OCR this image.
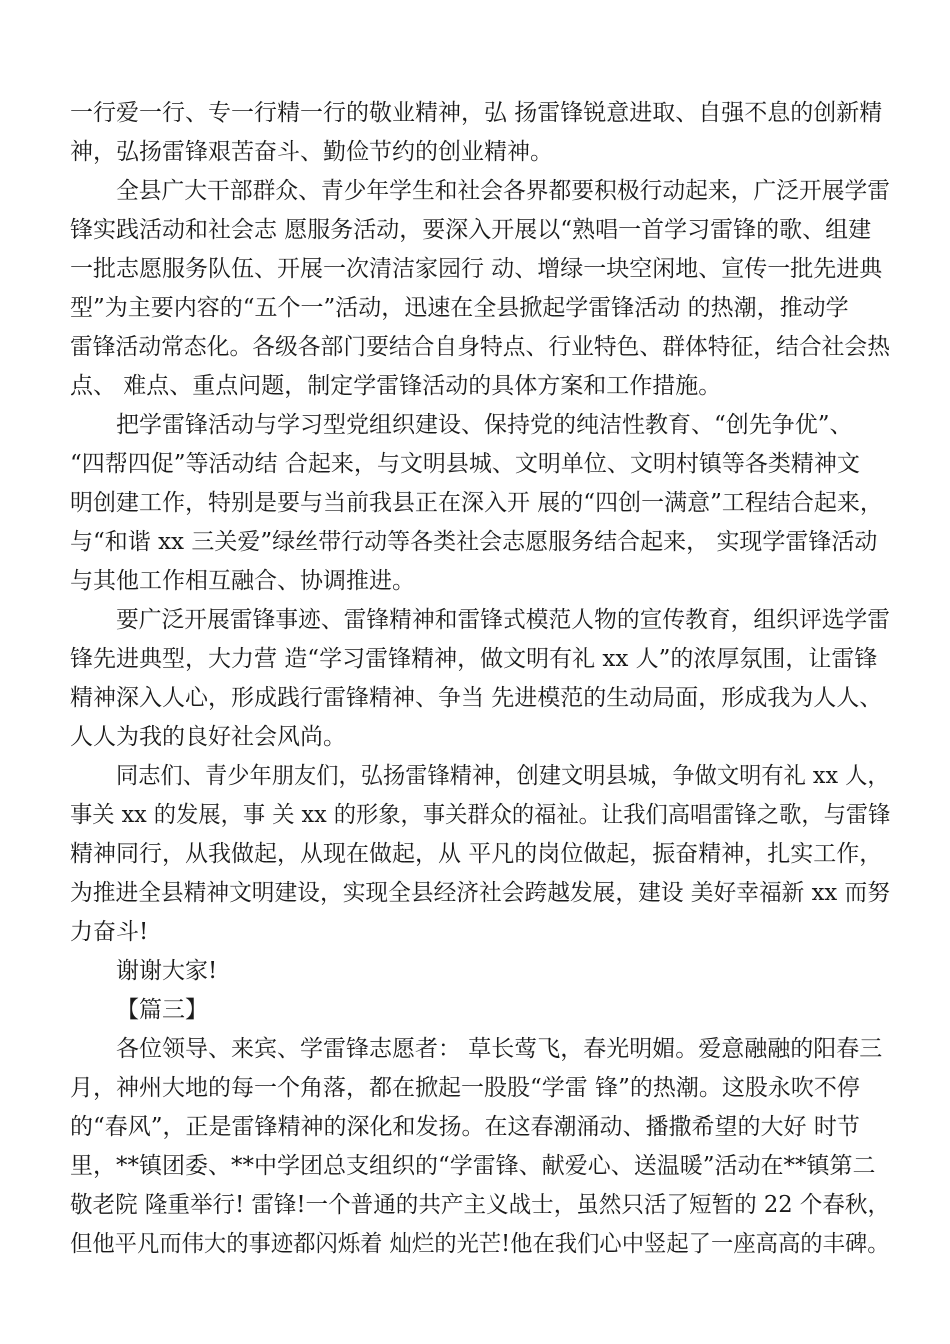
一行爱一行、专一行精一行的敬业精神，弘 扬雷锋锐意进取、自强不息的创新精
神，弘扬雷锋艰苦奋斗、勤俭节约的创业精神。
全县广大干部群众、青少年学生和社会各界都要积极行动起来，广泛开展学雷
锋实践活动和社会志 愿服务活动，要深入开展以“熟唱一首学习雷锋的歌、组建
一批志愿服务队伍、开展一次清洁家园行 动、增绿一块空闲地、宣传一批先进典
型”为主要内容的“五个一”活动，迅速在全县掀起学雷锋活动 的热潮，推动学
雷锋活动常态化。各级各部门要结合自身特点、行业特色、群体特征，结合社会热
点、 难点、重点问题，制定学雷锋活动的具体方案和工作措施。
把学雷锋活动与学习型党组织建设、保持党的纯洁性教育、“创先争优”、
“四帮四促”等活动结 合起来，与文明县城、文明单位、文明村镇等各类精神文
明创建工作，特别是要与当前我县正在深入开 展的“四创一满意”工程结合起来，
与“和谐 xx 三关爱”绿丝带行动等各类社会志愿服务结合起来， 实现学雷锋活动
与其他工作相互融合、协调推进。
要广泛开展雷锋事迹、雷锋精神和雷锋式模范人物的宣传教育，组织评选学雷
锋先进典型，大力营 造“学习雷锋精神，做文明有礼 xx 人”的浓厚氛围，让雷锋
精神深入人心，形成践行雷锋精神、争当 先进模范的生动局面，形成我为人人、
人人为我的良好社会风尚。
同志们、青少年朋友们，弘扬雷锋精神，创建文明县城，争做文明有礼 xx 人，
事关 xx 的发展，事 关 xx 的形象，事关群众的福祉。让我们高唱雷锋之歌，与雷锋
精神同行，从我做起，从现在做起，从 平凡的岗位做起，振奋精神，扎实工作，
为推进全县精神文明建设，实现全县经济社会跨越发展，建设 美好幸福新 xx 而努
力奋斗!
谢谢大家!
【篇三】
各位领导、来宾、学雷锋志愿者： 草长莺飞，春光明媚。爱意融融的阳春三
月，神州大地的每一个角落，都在掀起一股股“学雷 锋”的热潮。这股永吹不停
的“春风”，正是雷锋精神的深化和发扬。在这春潮涌动、播撒希望的大好 时节
里，**镇团委、**中学团总支组织的“学雷锋、献爱心、送温暖”活动在**镇第二
敬老院 隆重举行! 雷锋!一个普通的共产主义战士，虽然只活了短暂的 22 个春秋，
但他平凡而伟大的事迹都闪烁着 灿烂的光芒!他在我们心中竖起了一座高高的丰碑。
